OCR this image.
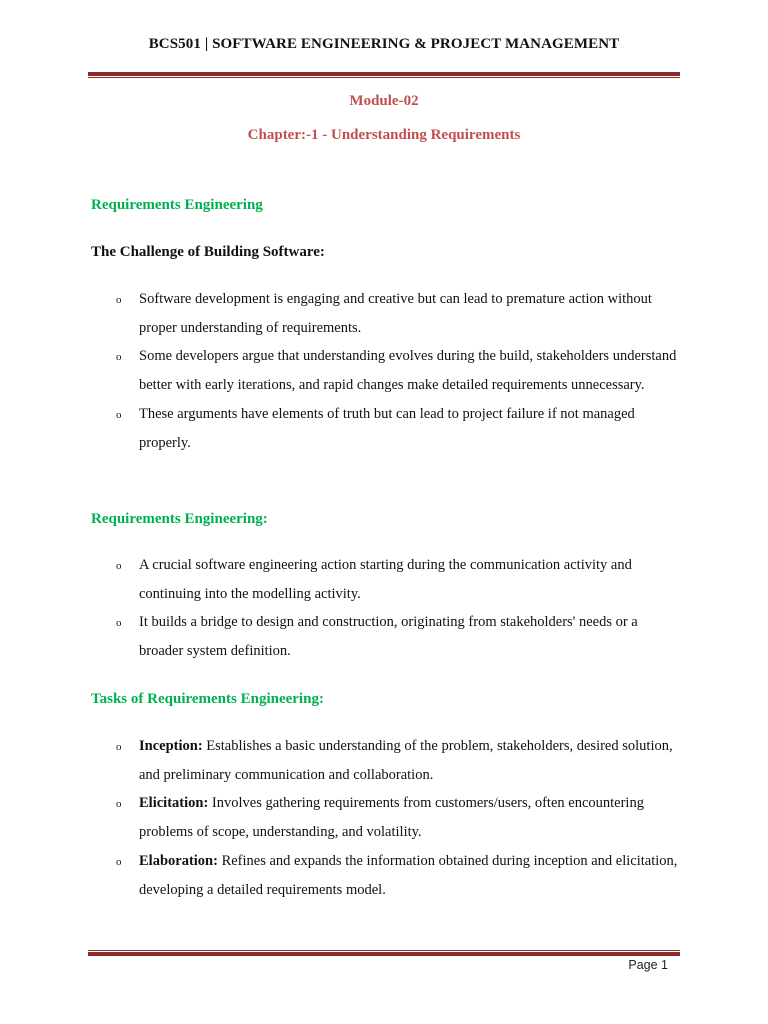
BCS501 | SOFTWARE ENGINEERING & PROJECT MANAGEMENT
Module-02
Chapter:-1 - Understanding Requirements
Requirements Engineering
The Challenge of Building Software:
o Software development is engaging and creative but can lead to premature action without proper understanding of requirements.
o Some developers argue that understanding evolves during the build, stakeholders understand better with early iterations, and rapid changes make detailed requirements unnecessary.
o These arguments have elements of truth but can lead to project failure if not managed properly.
Requirements Engineering:
o A crucial software engineering action starting during the communication activity and continuing into the modelling activity.
o It builds a bridge to design and construction, originating from stakeholders' needs or a broader system definition.
Tasks of Requirements Engineering:
o Inception: Establishes a basic understanding of the problem, stakeholders, desired solution, and preliminary communication and collaboration.
o Elicitation: Involves gathering requirements from customers/users, often encountering problems of scope, understanding, and volatility.
o Elaboration: Refines and expands the information obtained during inception and elicitation, developing a detailed requirements model.
Page 1
